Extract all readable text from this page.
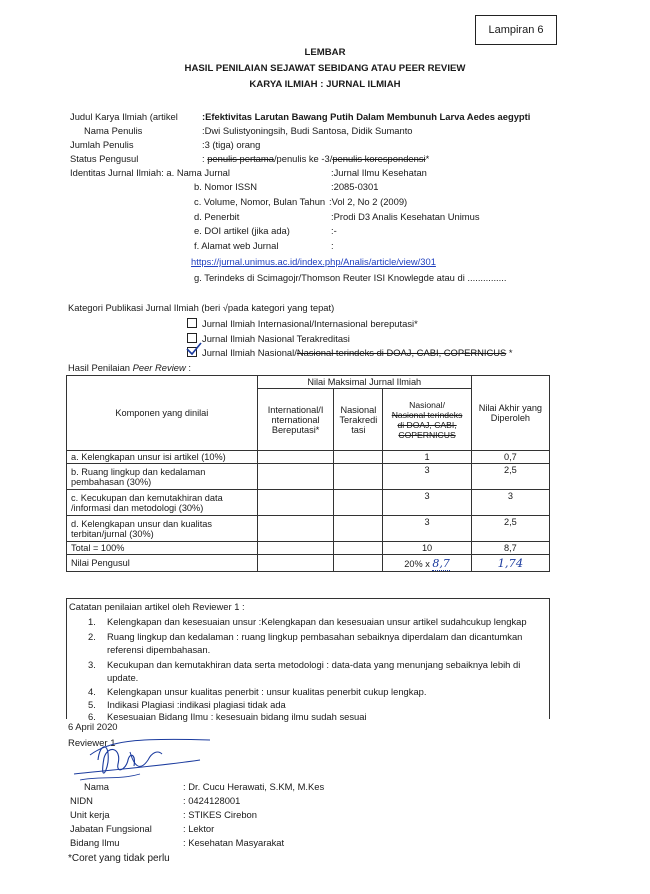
Lampiran 6
LEMBAR
HASIL PENILAIAN SEJAWAT SEBIDANG ATAU PEER REVIEW
KARYA ILMIAH : JURNAL ILMIAH
Judul Karya Ilmiah (artikel	:Efektivitas Larutan Bawang Putih Dalam Membunuh Larva Aedes aegypti
Nama Penulis	:Dwi Sulistyoningsih, Budi Santosa, Didik Sumanto
Jumlah Penulis	:3 (tiga) orang
Status Pengusul	: penulis pertama/penulis ke -3/penulis korespondensi*
Identitas Jurnal Ilmiah: a. Nama Jurnal	:Jurnal Ilmu Kesehatan
b. Nomor ISSN	:2085-0301
c. Volume, Nomor, Bulan Tahun :Vol 2, No 2 (2009)
d. Penerbit	:Prodi D3 Analis Kesehatan Unimus
e. DOI artikel (jika ada)	:-
f. Alamat web Jurnal	:
https://jurnal.unimus.ac.id/index.php/Analis/article/view/301
g. Terindeks di Scimagojr/Thomson Reuter ISI Knowlegde atau di ...............
Kategori Publikasi Jurnal Ilmiah (beri √pada kategori yang tepat)
Jurnal Ilmiah Internasional/Internasional bereputasi*
Jurnal Ilmiah Nasional Terakreditasi
Jurnal Ilmiah Nasional/Nasional terindeks di DOAJ, CABI, COPERNICUS *
Hasil Penilaian Peer Review :
Komponen yang dinilai	Nilai Maksimal Jurnal Ilmiah			Nilai Akhir yang Diperoleh
	International/I nternational Bereputasi*	Nasional Terakredi tasi	Nasional/
Nasional terindeks di DOAJ, CABI, COPERNICUS	

a. Kelengkapan unsur isi artikel (10%)			1	0,7
b. Ruang lingkup dan kedalaman pembahasan (30%)			3	2,5
c. Kecukupan dan kemutakhiran data /informasi dan metodologi (30%)			3	3
d. Kelengkapan unsur dan kualitas terbitan/jurnal (30%)			3	2,5
Total = 100%			10	8,7
Nilai Pengusul			20% x 8,7	1,74
Catatan penilaian artikel oleh Reviewer 1 :
1. Kelengkapan dan kesesuaian unsur :Kelengkapan dan kesesuaian unsur artikel sudahcukup lengkap
2. Ruang lingkup dan kedalaman : ruang lingkup pembasahan sebaiknya diperdalam dan dicantumkan
referensi dipembahasan.
3. Kecukupan dan kemutakhiran data serta metodologi : data-data yang menunjang sebaiknya lebih di
update.
4. Kelengkapan unsur kualitas penerbit : unsur kualitas penerbit cukup lengkap.
5. Indikasi Plagiasi :indikasi plagiasi tidak ada
6. Kesesuaian Bidang Ilmu : kesesuain bidang ilmu sudah sesuai
6 April 2020
Reviewer 1
Nama	: Dr. Cucu Herawati, S.KM, M.Kes
NIDN	: 0424128001
Unit kerja	: STIKES Cirebon
Jabatan Fungsional	: Lektor
Bidang Ilmu	: Kesehatan Masyarakat
*Coret yang tidak perlu
